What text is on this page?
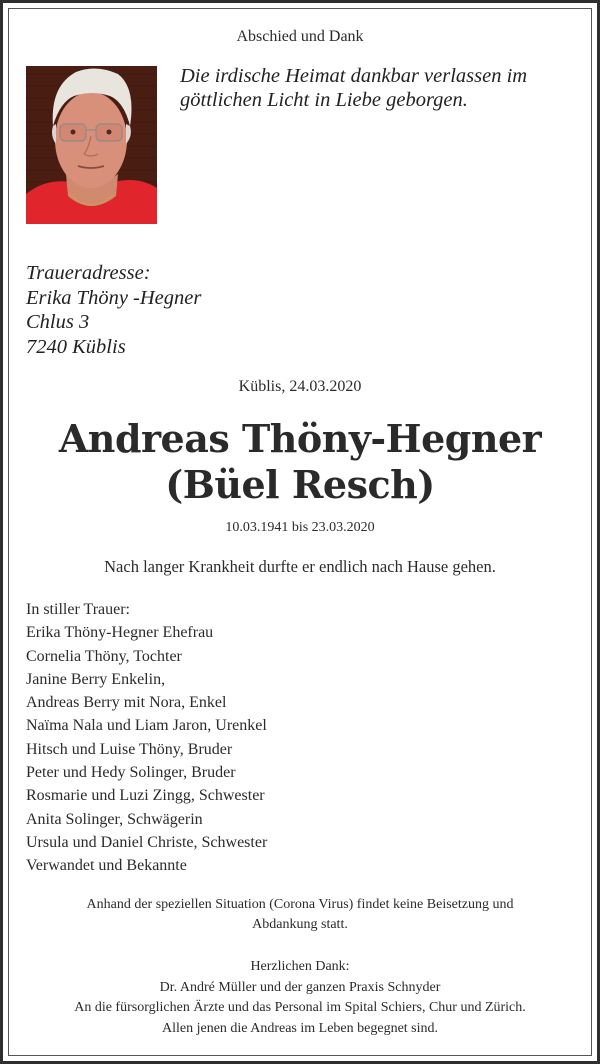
Abschied und Dank
Die irdische Heimat dankbar verlassen im
göttlichen Licht in Liebe geborgen.
Traueradresse:
Erika Thöny -Hegner
Chlus 3
7240 Küblis
Küblis, 24.03.2020
Andreas Thöny-Hegner
(Büel Resch)
10.03.1941 bis 23.03.2020
Nach langer Krankheit durfte er endlich nach Hause gehen.
In stiller Trauer:
Erika Thöny-Hegner Ehefrau
Cornelia Thöny, Tochter
Janine Berry Enkelin,
Andreas Berry mit Nora, Enkel
Naïma Nala und Liam Jaron, Urenkel
Hitsch und Luise Thöny, Bruder
Peter und Hedy Solinger, Bruder
Rosmarie und Luzi Zingg, Schwester
Anita Solinger, Schwägerin
Ursula und Daniel Christe, Schwester
Verwandet und Bekannte
Anhand der speziellen Situation (Corona Virus) findet keine Beisetzung und
Abdankung statt.
Herzlichen Dank:
Dr. André Müller und der ganzen Praxis Schnyder
An die fürsorglichen Ärzte und das Personal im Spital Schiers, Chur und Zürich.
Allen jenen die Andreas im Leben begegnet sind.
